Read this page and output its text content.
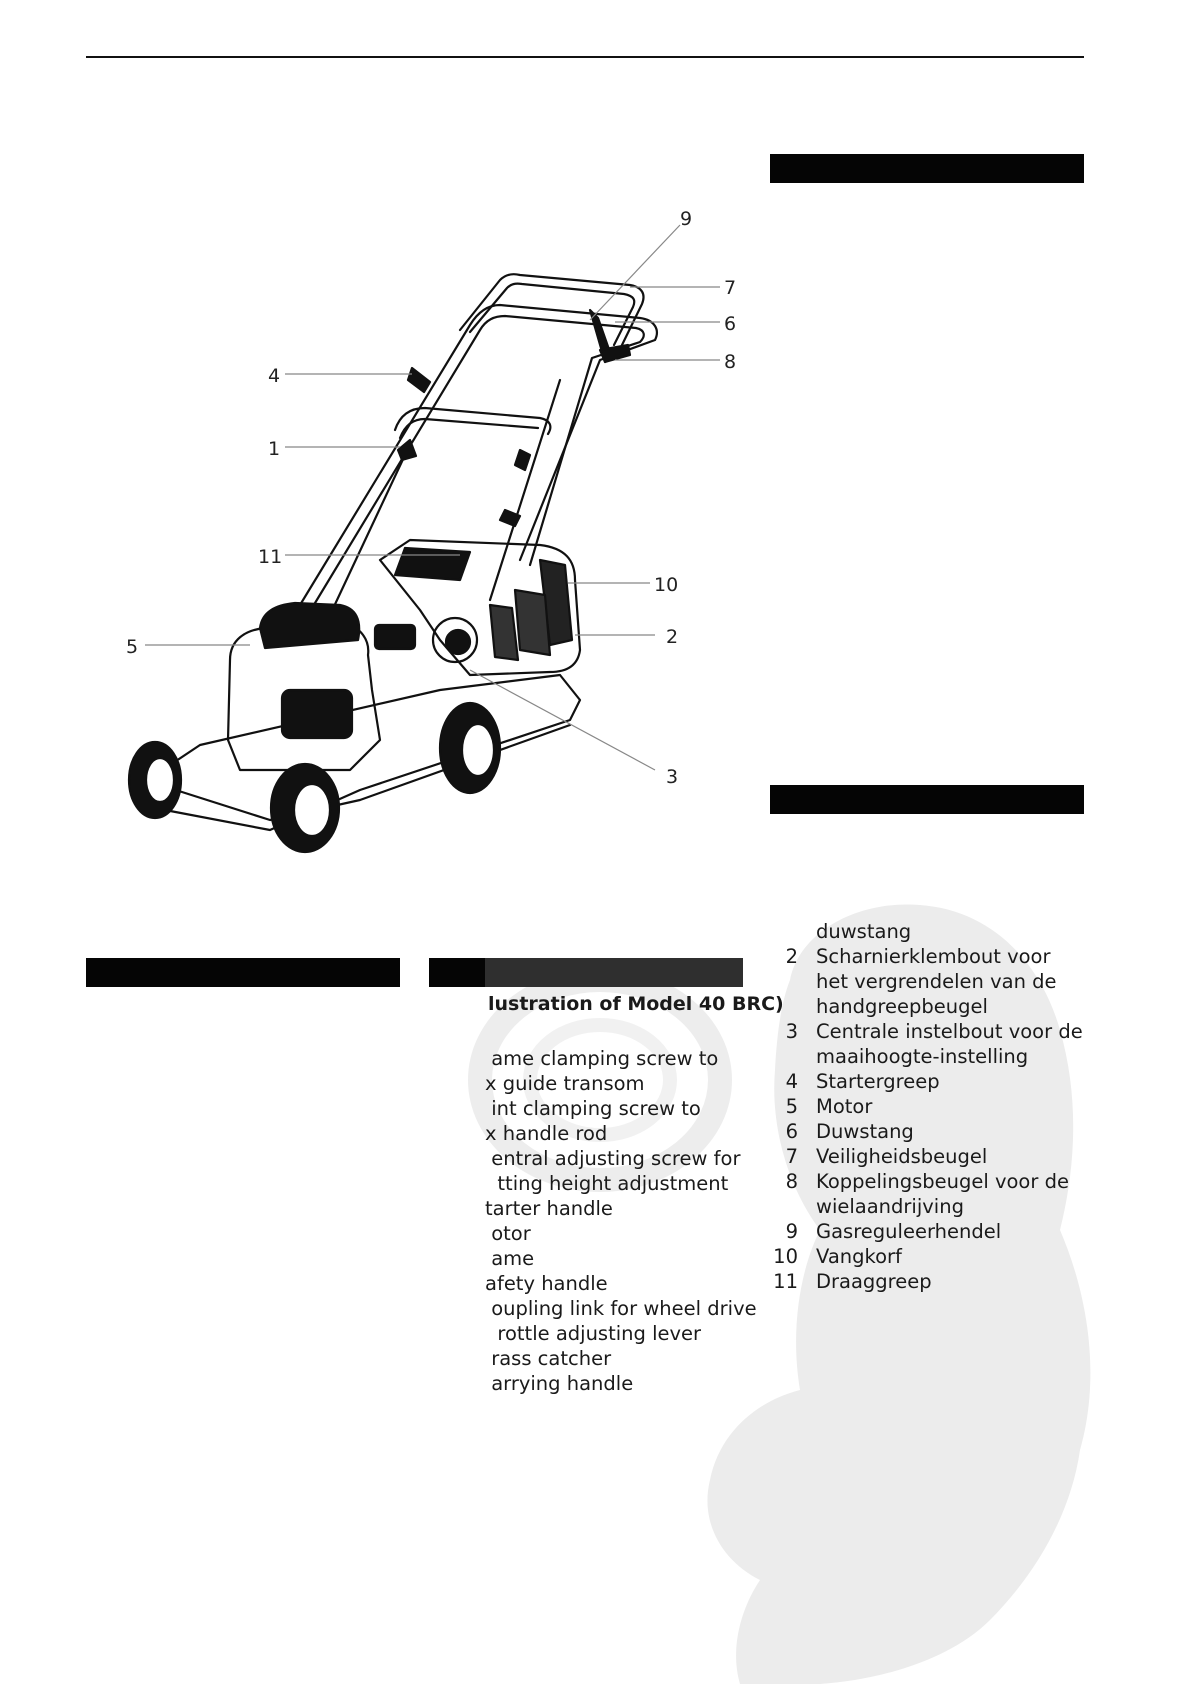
9
7
6
8
4
1
11
10
5	2
3
lustration of Model 40 BRC)
ame clamping screw to
x guide transom
int clamping screw to
x handle rod
entral adjusting screw for
tting height adjustment
tarter handle
otor
ame
afety handle
oupling link for wheel drive
rottle adjusting lever
rass catcher
arrying handle
duwstang
2 Scharnierklembout voor
het vergrendelen van de
handgreepbeugel
3 Centrale instelbout voor de
maaihoogte-instelling
4 Startergreep
5 Motor
6 Duwstang
7 Veiligheidsbeugel
8 Koppelingsbeugel voor de
wielaandrijving
9 Gasreguleerhendel
10 Vangkorf
11 Draaggreep
